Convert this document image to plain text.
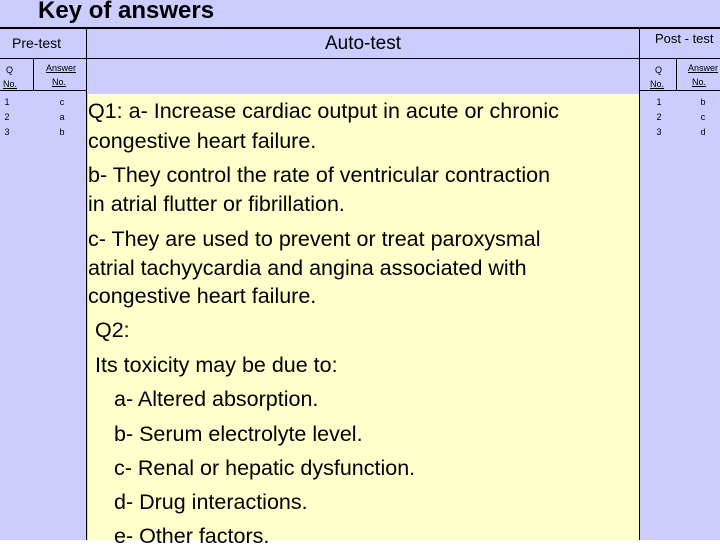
Key of answers
Pre-test
Q
No.
Answer
No.
1
2
3
c
a
b
Auto-test
Q1: a- Increase cardiac output in acute or chronic
congestive heart failure.
b- They control the rate of ventricular contraction
in atrial flutter or fibrillation.
c- They are used to prevent or treat paroxysmal
atrial tachyycardia and angina associated with
congestive heart failure.
Q2:
Its toxicity may be due to:
a- Altered absorption.
b- Serum electrolyte level.
c- Renal or hepatic dysfunction.
d- Drug interactions.
e- Other factors.
Post - test
Q
No.
Answer
No.
1
2
3
b
c
d
